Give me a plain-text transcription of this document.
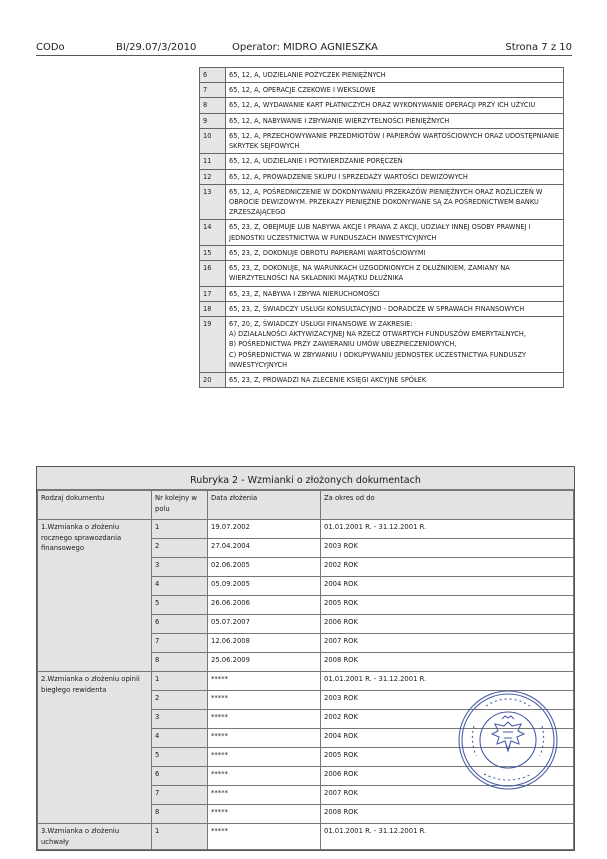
CODo	BI/29.07/3/2010	Operator: MIDRO AGNIESZKA	Strona 7 z 10
6	65, 12, A, UDZIELANIE POŻYCZEK PIENIĘŻNYCH

7	65, 12, A, OPERACJE CZEKOWE I WEKSLOWE

8	65, 12, A, WYDAWANIE KART PŁATNICZYCH ORAZ WYKONYWANIE OPERACJI PRZY ICH UŻYCIU

9	65, 12, A, NABYWANIE I ZBYWANIE WIERZYTELNOŚCI PIENIĘŻNYCH

10	65, 12, A, PRZECHOWYWANIE PRZEDMIOTÓW I PAPIERÓW WARTOŚCIOWYCH ORAZ UDOSTĘPNIANIE SKRYTEK SEJFOWYCH

11	65, 12, A, UDZIELANIE I POTWIERDZANIE PORĘCZEŃ

12	65, 12, A, PROWADZENIE SKUPU I SPRZEDAŻY WARTOŚCI DEWIZOWYCH

13	65, 12, A, POŚREDNICZENIE W DOKONYWANIU PRZEKAZÓW PIENIĘŻNYCH ORAZ ROZLICZEŃ W OBROCIE DEWIZOWYM. PRZEKAZY PIENIĘŻNE DOKONYWANE SĄ ZA POŚREDNICTWEM BANKU ZRZESZAJĄCEGO

14	65, 23, Z, OBEJMUJE LUB NABYWA AKCJE I PRAWA Z AKCJI, UDZIAŁY INNEJ OSOBY PRAWNEJ I JEDNOSTKI UCZESTNICTWA W FUNDUSZACH INWESTYCYJNYCH

15	65, 23, Z, DOKONUJE OBROTU PAPIERAMI WARTOŚCIOWYMI

16	65, 23, Z, DOKONUJE, NA WARUNKACH UZGODNIONYCH Z DŁUŻNIKIEM, ZAMIANY NA WIERZYTELNOŚCI NA SKŁADNIKI MAJĄTKU DŁUŻNIKA

17	65, 23, Z, NABYWA I ZBYWA NIERUCHOMOŚCI

18	65, 23, Z, ŚWIADCZY USŁUGI KONSULTACYJNO - DORADCZE W SPRAWACH FINANSOWYCH

19	67, 20, Z, ŚWIADCZY USŁUGI FINANSOWE W ZAKRESIE:
A) DZIAŁALNOŚCI AKTYWIZACYJNEJ NA RZECZ OTWARTYCH FUNDUSZÓW EMERYTALNYCH,
B) POŚREDNICTWA PRZY ZAWIERANIU UMÓW UBEZPIECZENIOWYCH,
C) POŚREDNICTWA W ZBYWANIU I ODKUPYWANIU JEDNOSTEK UCZESTNICTWA FUNDUSZY INWESTYCYJNYCH

20	65, 23, Z, PROWADZI NA ZLECENIE KSIĘGI AKCYJNE SPÓŁEK
Rubryka 2 - Wzmianki o złożonych dokumentach
Rodzaj dokumentu	Nr kolejny w polu	Data złożenia	Za okres od do
1.Wzmianka o złożeniu rocznego sprawozdania finansowego	1	19.07.2002	01.01.2001 R. - 31.12.2001 R.
	2	27.04.2004	2003 ROK
	3	02.06.2005	2002 ROK
	4	05.09.2005	2004 ROK
	5	26.06.2006	2005 ROK
	6	05.07.2007	2006 ROK
	7	12.06.2008	2007 ROK
	8	25.06.2009	2008 ROK
2.Wzmianka o złożeniu opinii biegłego rewidenta	1	*****	01.01.2001 R. - 31.12.2001 R.
	2	*****	2003 ROK
	3	*****	2002 ROK
	4	*****	2004 ROK
	5	*****	2005 ROK
	6	*****	2006 ROK
	7	*****	2007 ROK
	8	*****	2008 ROK
3.Wzmianka o złożeniu uchwały	1	*****	01.01.2001 R. - 31.12.2001 R.
